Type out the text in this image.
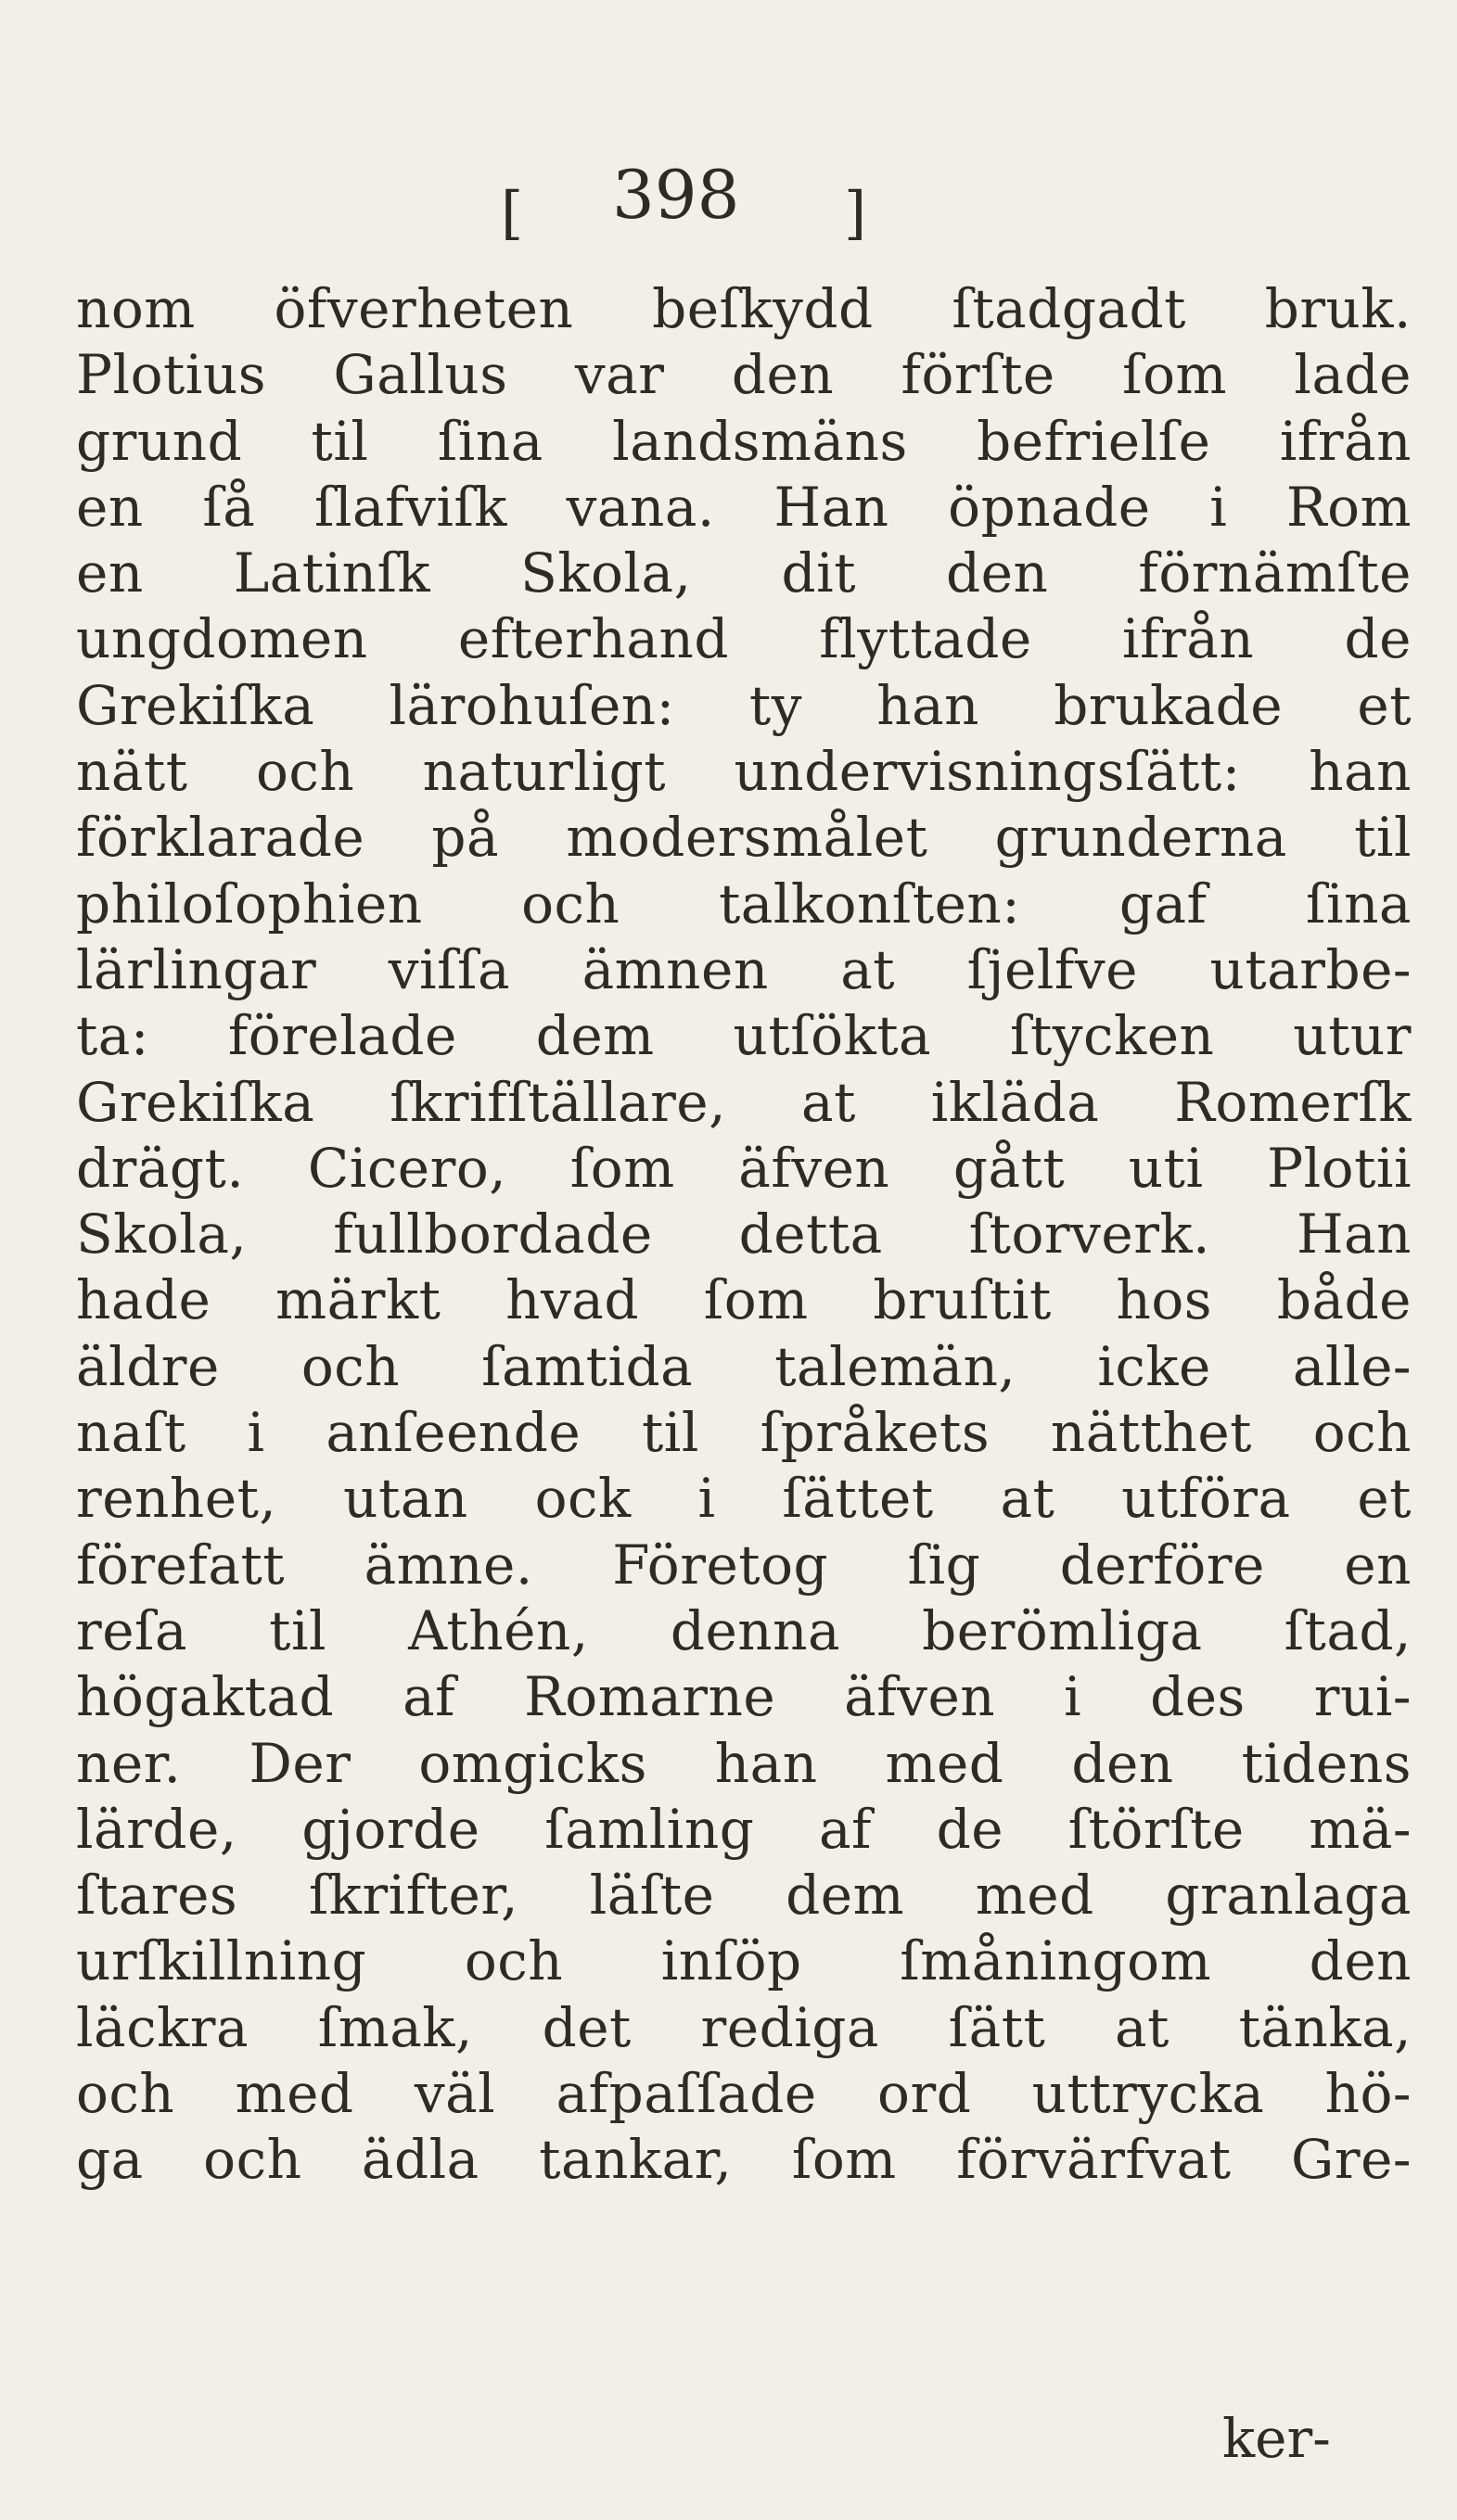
[ 398 ]
nom öfverheten beſkydd ſtadgadt bruk.
Plotius Gallus var den förſte ſom lade
grund til ſina landsmäns befrielſe ifrån
en ſå ſlafviſk vana. Han öpnade i Rom
en Latinſk Skola, dit den förnämſte
ungdomen efterhand flyttade ifrån de
Grekiſka lärohuſen: ty han brukade et
nätt och naturligt undervisningsſätt: han
förklarade på modersmålet grunderna til
philoſophien och talkonſten: gaf ſina
lärlingar viſſa ämnen at ſjelfve utarbe-
ta: förelade dem utſökta ſtycken utur
Grekiſka ſkrifſtällare, at ikläda Romerſk
drägt. Cicero, ſom äfven gått uti Plotii
Skola, fullbordade detta ſtorverk. Han
hade märkt hvad ſom bruſtit hos både
äldre och ſamtida talemän, icke alle-
naſt i anſeende til ſpråkets nätthet och
renhet, utan ock i ſättet at utföra et
förefatt ämne. Företog ſig derföre en
reſa til Athén, denna berömliga ſtad,
högaktad af Romarne äfven i des rui-
ner. Der omgicks han med den tidens
lärde, gjorde ſamling af de ſtörſte mä-
ſtares ſkrifter, läſte dem med granlaga
urſkillning och inſöp ſmåningom den
läckra ſmak, det rediga ſätt at tänka,
och med väl afpaſſade ord uttrycka hö-
ga och ädla tankar, ſom förvärfvat Gre-
ker-
